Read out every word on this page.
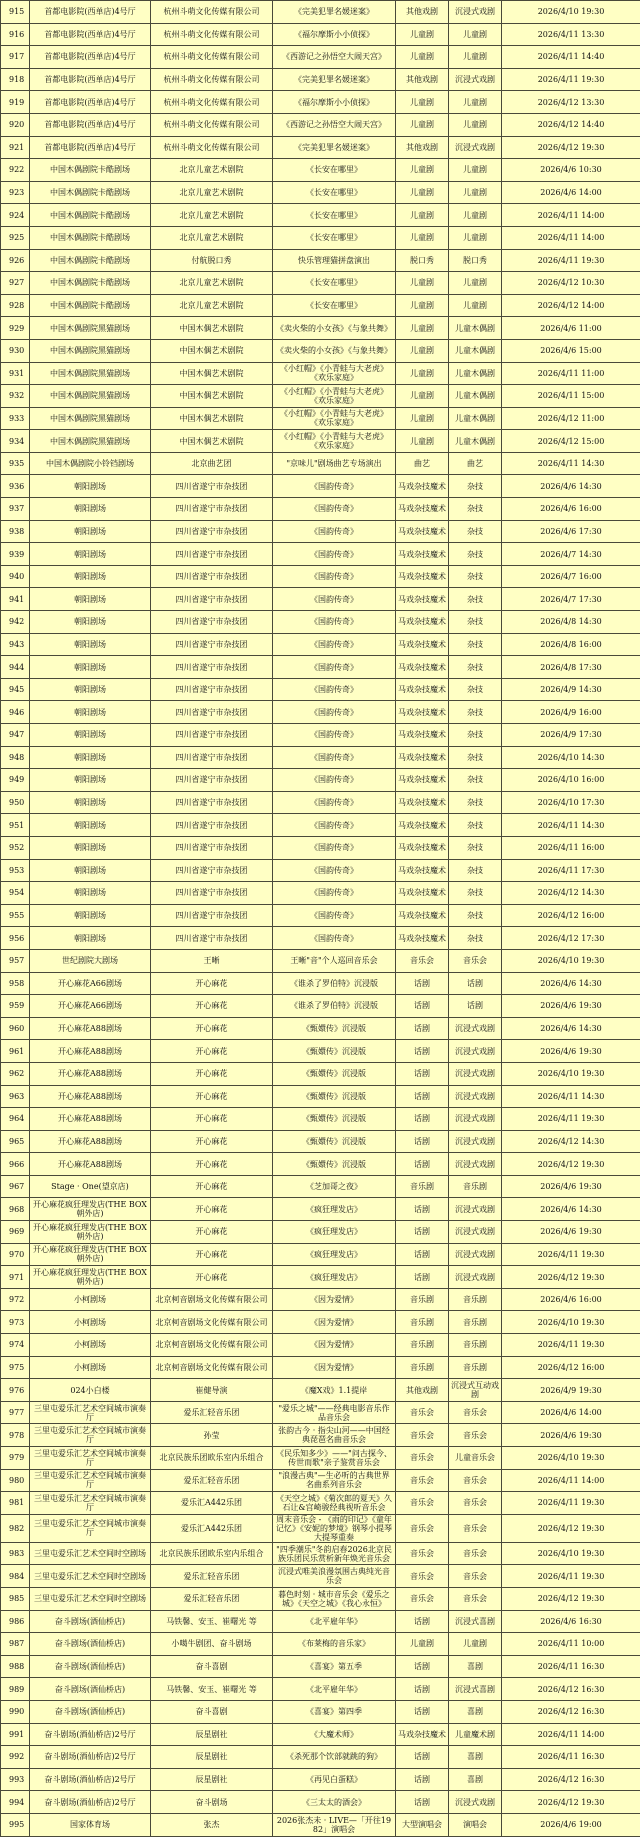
915	首都电影院(西单店)4号厅	杭州斗萌文化传媒有限公司	《完美犯罪名媛迷案》	其他戏剧	沉浸式戏剧	2026/4/10 19:30
916	首都电影院(西单店)4号厅	杭州斗萌文化传媒有限公司	《福尔摩斯小小侦探》	儿童剧	儿童剧	2026/4/11 13:30
917	首都电影院(西单店)4号厅	杭州斗萌文化传媒有限公司	《西游记之孙悟空大闹天宫》	儿童剧	儿童剧	2026/4/11 14:40
918	首都电影院(西单店)4号厅	杭州斗萌文化传媒有限公司	《完美犯罪名媛迷案》	其他戏剧	沉浸式戏剧	2026/4/11 19:30
919	首都电影院(西单店)4号厅	杭州斗萌文化传媒有限公司	《福尔摩斯小小侦探》	儿童剧	儿童剧	2026/4/12 13:30
920	首都电影院(西单店)4号厅	杭州斗萌文化传媒有限公司	《西游记之孙悟空大闹天宫》	儿童剧	儿童剧	2026/4/12 14:40
921	首都电影院(西单店)4号厅	杭州斗萌文化传媒有限公司	《完美犯罪名媛迷案》	其他戏剧	沉浸式戏剧	2026/4/12 19:30
922	中国木偶剧院卡酷剧场	北京儿童艺术剧院	《长安在哪里》	儿童剧	儿童剧	2026/4/6 10:30
923	中国木偶剧院卡酷剧场	北京儿童艺术剧院	《长安在哪里》	儿童剧	儿童剧	2026/4/6 14:00
924	中国木偶剧院卡酷剧场	北京儿童艺术剧院	《长安在哪里》	儿童剧	儿童剧	2026/4/11 14:00
925	中国木偶剧院卡酷剧场	北京儿童艺术剧院	《长安在哪里》	儿童剧	儿童剧	2026/4/11 14:00
926	中国木偶剧院卡酷剧场	付航脱口秀	快乐管理猫拼盘演出	脱口秀	脱口秀	2026/4/11 19:30
927	中国木偶剧院卡酷剧场	北京儿童艺术剧院	《长安在哪里》	儿童剧	儿童剧	2026/4/12 10:30
928	中国木偶剧院卡酷剧场	北京儿童艺术剧院	《长安在哪里》	儿童剧	儿童剧	2026/4/12 14:00
929	中国木偶剧院黑猫剧场	中国木偶艺术剧院	《卖火柴的小女孩》《与象共舞》	儿童剧	儿童木偶剧	2026/4/6 11:00
930	中国木偶剧院黑猫剧场	中国木偶艺术剧院	《卖火柴的小女孩》《与象共舞》	儿童剧	儿童木偶剧	2026/4/6 15:00
931	中国木偶剧院黑猫剧场	中国木偶艺术剧院	《小红帽》《小青蛙与大老虎》《欢乐家庭》	儿童剧	儿童木偶剧	2026/4/11 11:00
932	中国木偶剧院黑猫剧场	中国木偶艺术剧院	《小红帽》《小青蛙与大老虎》《欢乐家庭》	儿童剧	儿童木偶剧	2026/4/11 15:00
933	中国木偶剧院黑猫剧场	中国木偶艺术剧院	《小红帽》《小青蛙与大老虎》《欢乐家庭》	儿童剧	儿童木偶剧	2026/4/12 11:00
934	中国木偶剧院黑猫剧场	中国木偶艺术剧院	《小红帽》《小青蛙与大老虎》《欢乐家庭》	儿童剧	儿童木偶剧	2026/4/12 15:00
935	中国木偶剧院小铃铛剧场	北京曲艺团	"京味儿"剧场曲艺专场演出	曲艺	曲艺	2026/4/11 14:30
936	朝阳剧场	四川省遂宁市杂技团	《国韵传奇》	马戏杂技魔术	杂技	2026/4/6 14:30
937	朝阳剧场	四川省遂宁市杂技团	《国韵传奇》	马戏杂技魔术	杂技	2026/4/6 16:00
938	朝阳剧场	四川省遂宁市杂技团	《国韵传奇》	马戏杂技魔术	杂技	2026/4/6 17:30
939	朝阳剧场	四川省遂宁市杂技团	《国韵传奇》	马戏杂技魔术	杂技	2026/4/7 14:30
940	朝阳剧场	四川省遂宁市杂技团	《国韵传奇》	马戏杂技魔术	杂技	2026/4/7 16:00
941	朝阳剧场	四川省遂宁市杂技团	《国韵传奇》	马戏杂技魔术	杂技	2026/4/7 17:30
942	朝阳剧场	四川省遂宁市杂技团	《国韵传奇》	马戏杂技魔术	杂技	2026/4/8 14:30
943	朝阳剧场	四川省遂宁市杂技团	《国韵传奇》	马戏杂技魔术	杂技	2026/4/8 16:00
944	朝阳剧场	四川省遂宁市杂技团	《国韵传奇》	马戏杂技魔术	杂技	2026/4/8 17:30
945	朝阳剧场	四川省遂宁市杂技团	《国韵传奇》	马戏杂技魔术	杂技	2026/4/9 14:30
946	朝阳剧场	四川省遂宁市杂技团	《国韵传奇》	马戏杂技魔术	杂技	2026/4/9 16:00
947	朝阳剧场	四川省遂宁市杂技团	《国韵传奇》	马戏杂技魔术	杂技	2026/4/9 17:30
948	朝阳剧场	四川省遂宁市杂技团	《国韵传奇》	马戏杂技魔术	杂技	2026/4/10 14:30
949	朝阳剧场	四川省遂宁市杂技团	《国韵传奇》	马戏杂技魔术	杂技	2026/4/10 16:00
950	朝阳剧场	四川省遂宁市杂技团	《国韵传奇》	马戏杂技魔术	杂技	2026/4/10 17:30
951	朝阳剧场	四川省遂宁市杂技团	《国韵传奇》	马戏杂技魔术	杂技	2026/4/11 14:30
952	朝阳剧场	四川省遂宁市杂技团	《国韵传奇》	马戏杂技魔术	杂技	2026/4/11 16:00
953	朝阳剧场	四川省遂宁市杂技团	《国韵传奇》	马戏杂技魔术	杂技	2026/4/11 17:30
954	朝阳剧场	四川省遂宁市杂技团	《国韵传奇》	马戏杂技魔术	杂技	2026/4/12 14:30
955	朝阳剧场	四川省遂宁市杂技团	《国韵传奇》	马戏杂技魔术	杂技	2026/4/12 16:00
956	朝阳剧场	四川省遂宁市杂技团	《国韵传奇》	马戏杂技魔术	杂技	2026/4/12 17:30
957	世纪剧院大剧场	王晰	王晰"音"个人巡回音乐会	音乐会	音乐会	2026/4/10 19:30
958	开心麻花A66剧场	开心麻花	《谁杀了罗伯特》沉浸版	话剧	话剧	2026/4/6 14:30
959	开心麻花A66剧场	开心麻花	《谁杀了罗伯特》沉浸版	话剧	话剧	2026/4/6 19:30
960	开心麻花A88剧场	开心麻花	《甄嬛传》沉浸版	话剧	沉浸式戏剧	2026/4/6 14:30
961	开心麻花A88剧场	开心麻花	《甄嬛传》沉浸版	话剧	沉浸式戏剧	2026/4/6 19:30
962	开心麻花A88剧场	开心麻花	《甄嬛传》沉浸版	话剧	沉浸式戏剧	2026/4/10 19:30
963	开心麻花A88剧场	开心麻花	《甄嬛传》沉浸版	话剧	沉浸式戏剧	2026/4/11 14:30
964	开心麻花A88剧场	开心麻花	《甄嬛传》沉浸版	话剧	沉浸式戏剧	2026/4/11 19:30
965	开心麻花A88剧场	开心麻花	《甄嬛传》沉浸版	话剧	沉浸式戏剧	2026/4/12 14:30
966	开心麻花A88剧场	开心麻花	《甄嬛传》沉浸版	话剧	沉浸式戏剧	2026/4/12 19:30
967	Stage · One(望京店)	开心麻花	《芝加哥之夜》	音乐剧	音乐剧	2026/4/6 19:30
968	开心麻花疯狂理发店(THE BOX朝外店)	开心麻花	《疯狂理发店》	话剧	沉浸式戏剧	2026/4/6 14:30
969	开心麻花疯狂理发店(THE BOX朝外店)	开心麻花	《疯狂理发店》	话剧	沉浸式戏剧	2026/4/6 19:30
970	开心麻花疯狂理发店(THE BOX朝外店)	开心麻花	《疯狂理发店》	话剧	沉浸式戏剧	2026/4/11 19:30
971	开心麻花疯狂理发店(THE BOX朝外店)	开心麻花	《疯狂理发店》	话剧	沉浸式戏剧	2026/4/12 19:30
972	小柯剧场	北京柯音剧场文化传媒有限公司	《因为爱情》	音乐剧	音乐剧	2026/4/6 16:00
973	小柯剧场	北京柯音剧场文化传媒有限公司	《因为爱情》	音乐剧	音乐剧	2026/4/10 19:30
974	小柯剧场	北京柯音剧场文化传媒有限公司	《因为爱情》	音乐剧	音乐剧	2026/4/11 19:30
975	小柯剧场	北京柯音剧场文化传媒有限公司	《因为爱情》	音乐剧	音乐剧	2026/4/12 16:00
976	024小白楼	崔健导演	《魔X戏》1.1提岸	其他戏剧	沉浸式互动戏剧	2026/4/9 19:30
977	三里屯爱乐汇艺术空间城市演奏厅	爱乐汇轻音乐团	"爱乐之城"——经典电影音乐作品音乐会	音乐会	音乐会	2026/4/6 14:00
978	三里屯爱乐汇艺术空间城市演奏厅	孙莹	张韵古今 · 指尖山河——中国经典琵琶名曲音乐会	音乐会	音乐会	2026/4/6 19:30
979	三里屯爱乐汇艺术空间城市演奏厅	北京民族乐团欧乐室内乐组合	《民乐知多少》——"问古探今、传世而歌"亲子鉴赏音乐会	音乐会	儿童音乐会	2026/4/10 19:30
980	三里屯爱乐汇艺术空间城市演奏厅	爱乐汇轻音乐团	"浪漫古典"—生必听的古典世界名曲系列音乐会	音乐会	音乐会	2026/4/11 14:00
981	三里屯爱乐汇艺术空间城市演奏厅	爱乐汇A442乐团	《天空之城》《菊次郎的夏天》久石让&宫崎骏经典视听音乐会	音乐会	音乐会	2026/4/11 19:30
982	三里屯爱乐汇艺术空间城市演奏厅	爱乐汇A442乐团	周末音乐会 - 《雨的印记》《童年记忆》《安妮的梦境》钢琴小提琴大提琴重奏	音乐会	音乐会	2026/4/12 19:30
983	三里屯爱乐汇艺术空间时空剧场	北京民族乐团欧乐室内乐组合	"四季潮乐"冬韵启春2026北京民族乐团民乐赏析新年焕光音乐会	音乐会	音乐会	2026/4/10 19:30
984	三里屯爱乐汇艺术空间时空剧场	爱乐汇轻音乐团	沉浸式唯美浪漫氛围古典纯光音乐会	音乐会	音乐会	2026/4/11 19:30
985	三里屯爱乐汇艺术空间时空剧场	爱乐汇轻音乐团	暮色时刻 · 城市音乐会《爱乐之城》《天空之城》《我心永恒》	音乐会	音乐会	2026/4/12 19:30
986	奋斗剧场(酒仙桥店)	马铁馨、安玉、崔曙光 等	《北平雇年华》	话剧	沉浸式喜剧	2026/4/6 16:30
987	奋斗剧场(酒仙桥店)	小噶牛剧团、奋斗剧场	《布莱梅的音乐家》	儿童剧	儿童剧	2026/4/11 10:00
988	奋斗剧场(酒仙桥店)	奋斗喜剧	《喜宴》第五季	话剧	喜剧	2026/4/11 16:30
989	奋斗剧场(酒仙桥店)	马铁馨、安玉、崔曙光 等	《北平雇年华》	话剧	沉浸式喜剧	2026/4/12 16:30
990	奋斗剧场(酒仙桥店)	奋斗喜剧	《喜宴》第四季	话剧	喜剧	2026/4/12 16:30
991	奋斗剧场(酒仙桥店)2号厅	辰星剧社	《大魔术师》	马戏杂技魔术	儿童魔术剧	2026/4/11 14:00
992	奋斗剧场(酒仙桥店)2号厅	辰星剧社	《杀死那个饮部就跳的狗》	话剧	喜剧	2026/4/11 16:30
993	奋斗剧场(酒仙桥店)2号厅	辰星剧社	《再见白蛋糕》	话剧	喜剧	2026/4/12 16:30
994	奋斗剧场(酒仙桥店)2号厅	奋斗剧场	《三太太的酒会》	话剧	沉浸式戏剧	2026/4/12 19:30
995	国家体育场	张杰	2026张杰未 · LIVE—「开往1982」演唱会	大型演唱会	演唱会	2026/4/6 19:00
